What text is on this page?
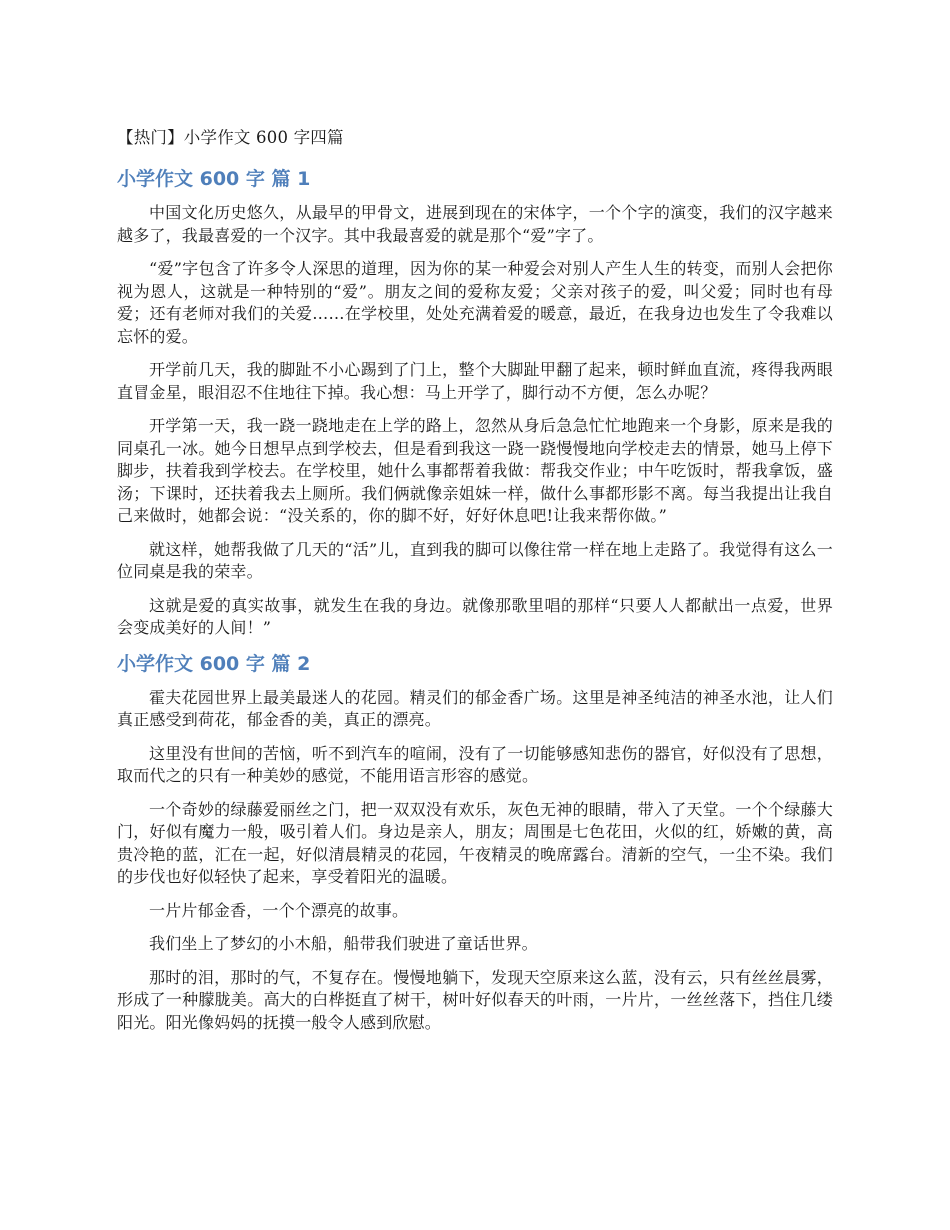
【热门】小学作文 600 字四篇
小学作文 600 字 篇 1

中国文化历史悠久，从最早的甲骨文，进展到现在的宋体字，一个个字的演变，我们的汉字越来越多了，我最喜爱的一个汉字。其中我最喜爱的就是那个“爱”字了。

“爱”字包含了许多令人深思的道理，因为你的某一种爱会对别人产生人生的转变，而别人会把你视为恩人，这就是一种特别的“爱”。朋友之间的爱称友爱；父亲对孩子的爱，叫父爱；同时也有母爱；还有老师对我们的关爱……在学校里，处处充满着爱的暖意，最近，在我身边也发生了令我难以忘怀的爱。

开学前几天，我的脚趾不小心踢到了门上，整个大脚趾甲翻了起来，顿时鲜血直流，疼得我两眼直冒金星，眼泪忍不住地往下掉。我心想：马上开学了，脚行动不方便，怎么办呢？

开学第一天，我一跷一跷地走在上学的路上，忽然从身后急急忙忙地跑来一个身影，原来是我的同桌孔一冰。她今日想早点到学校去，但是看到我这一跷一跷慢慢地向学校走去的情景，她马上停下脚步，扶着我到学校去。在学校里，她什么事都帮着我做：帮我交作业；中午吃饭时，帮我拿饭，盛汤；下课时，还扶着我去上厕所。我们俩就像亲姐妹一样，做什么事都形影不离。每当我提出让我自己来做时，她都会说：“没关系的，你的脚不好，好好休息吧!让我来帮你做。”

就这样，她帮我做了几天的“活”儿，直到我的脚可以像往常一样在地上走路了。我觉得有这么一位同桌是我的荣幸。

这就是爱的真实故事，就发生在我的身边。就像那歌里唱的那样“只要人人都献出一点爱，世界会变成美好的人间！”

小学作文 600 字 篇 2

霍夫花园世界上最美最迷人的花园。精灵们的郁金香广场。这里是神圣纯洁的神圣水池，让人们真正感受到荷花，郁金香的美，真正的漂亮。

这里没有世间的苦恼，听不到汽车的喧闹，没有了一切能够感知悲伤的器官，好似没有了思想，取而代之的只有一种美妙的感觉，不能用语言形容的感觉。

一个奇妙的绿藤爱丽丝之门，把一双双没有欢乐，灰色无神的眼睛，带入了天堂。一个个绿藤大门，好似有魔力一般，吸引着人们。身边是亲人，朋友；周围是七色花田，火似的红，娇嫩的黄，高贵冷艳的蓝，汇在一起，好似清晨精灵的花园，午夜精灵的晚席露台。清新的空气，一尘不染。我们的步伐也好似轻快了起来，享受着阳光的温暖。

一片片郁金香，一个个漂亮的故事。

我们坐上了梦幻的小木船，船带我们驶进了童话世界。

那时的泪，那时的气，不复存在。慢慢地躺下，发现天空原来这么蓝，没有云，只有丝丝晨雾，形成了一种朦胧美。高大的白桦挺直了树干，树叶好似春天的叶雨，一片片，一丝丝落下，挡住几缕阳光。阳光像妈妈的抚摸一般令人感到欣慰。
